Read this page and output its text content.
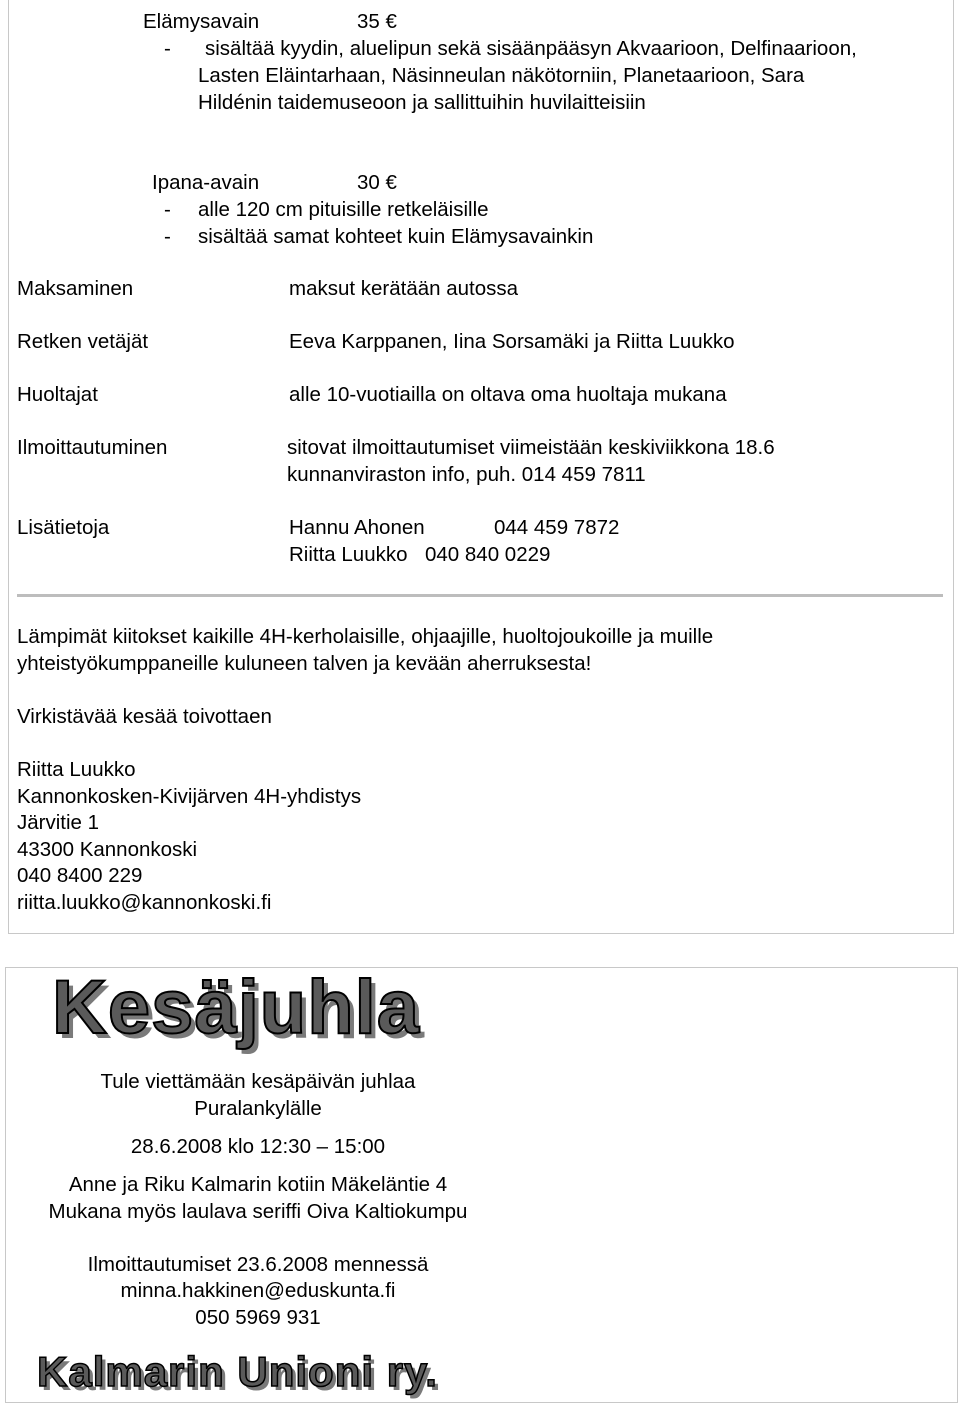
Elämysavain	35 €
- sisältää kyydin, aluelipun sekä sisäänpääsyn Akvaarioon, Delfinaarioon,
Lasten Eläintarhaan, Näsinneulan näkötorniin, Planetaarioon, Sara
Hildénin taidemuseoon ja sallittuihin huvilaitteisiin
Ipana-avain	30 €
- alle 120 cm pituisille retkeläisille
- sisältää samat kohteet kuin Elämysavainkin
Maksaminen	maksut kerätään autossa
Retken vetäjät	Eeva Karppanen, Iina Sorsamäki ja Riitta Luukko
Huoltajat	alle 10-vuotiailla on oltava oma huoltaja mukana
Ilmoittautuminen	sitovat ilmoittautumiset viimeistään keskiviikkona 18.6
kunnanviraston info, puh. 014 459 7811
Lisätietoja	Hannu Ahonen	044 459 7872
Riitta Luukko 040 840 0229
Lämpimät kiitokset kaikille 4H-kerholaisille, ohjaajille, huoltojoukoille ja muille
yhteistyökumppaneille kuluneen talven ja kevään aherruksesta!
Virkistävää kesää toivottaen
Riitta Luukko
Kannonkosken-Kivijärven 4H-yhdistys
Järvitie 1
43300 Kannonkoski
040 8400 229
riitta.luukko@kannonkoski.fi
Kesäjuhla
Tule viettämään kesäpäivän juhlaa
Puralankylälle
28.6.2008 klo 12:30 – 15:00
Anne ja Riku Kalmarin kotiin Mäkeläntie 4
Mukana myös laulava seriffi Oiva Kaltiokumpu
Ilmoittautumiset 23.6.2008 mennessä
minna.hakkinen@eduskunta.fi
050 5969 931
Kalmarin Unioni ry.
